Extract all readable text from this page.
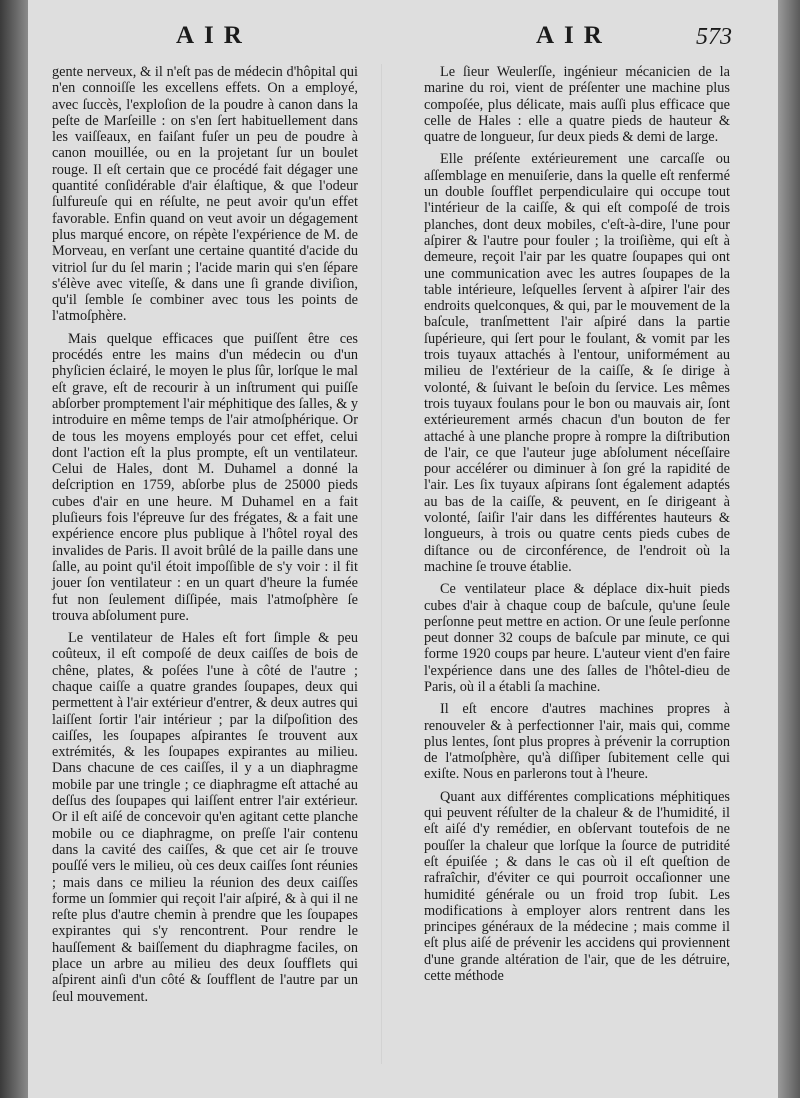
AIR	AIR	573

gente nerveux, & il n'eſt pas de médecin d'hôpital qui n'en connoiſſe les excellens effets. On a employé, avec ſuccès, l'exploſion de la poudre à canon dans la peſte de Marſeille : on s'en ſert habituellement dans les vaiſſeaux, en faiſant fuſer un peu de poudre à canon mouillée, ou en la projetant ſur un boulet rouge. Il eſt certain que ce procédé fait dégager une quantité conſidérable d'air élaſtique, & que l'odeur ſulfureuſe qui en réſulte, ne peut avoir qu'un effet favorable. Enfin quand on veut avoir un dégagement plus marqué encore, on répète l'expérience de M. de Morveau, en verſant une certaine quantité d'acide du vitriol ſur du ſel marin ; l'acide marin qui s'en ſépare s'élève avec viteſſe, & dans une ſi grande diviſion, qu'il ſemble ſe combiner avec tous les points de l'atmoſphère.

Mais quelque efficaces que puiſſent être ces procédés entre les mains d'un médecin ou d'un phyſicien éclairé, le moyen le plus ſûr, lorſque le mal eſt grave, eſt de recourir à un inſtrument qui puiſſe abſorber promptement l'air méphitique des ſalles, & y introduire en même temps de l'air atmoſphérique. Or de tous les moyens employés pour cet effet, celui dont l'action eſt la plus prompte, eſt un ventilateur. Celui de Hales, dont M. Duhamel a donné la deſcription en 1759, abſorbe plus de 25000 pieds cubes d'air en une heure. M Duhamel en a fait pluſieurs fois l'épreuve ſur des frégates, & a fait une expérience encore plus publique à l'hôtel royal des invalides de Paris. Il avoit brûlé de la paille dans une ſalle, au point qu'il étoit impoſſible de s'y voir : il fit jouer ſon ventilateur : en un quart d'heure la fumée fut non ſeulement diſſipée, mais l'atmoſphère ſe trouva abſolument pure.

Le ventilateur de Hales eſt fort ſimple & peu coûteux, il eſt compoſé de deux caiſſes de bois de chêne, plates, & poſées l'une à côté de l'autre ; chaque caiſſe a quatre grandes ſoupapes, deux qui permettent à l'air extérieur d'entrer, & deux autres qui laiſſent ſortir l'air intérieur ; par la diſpoſition des caiſſes, les ſoupapes aſpirantes ſe trouvent aux extrémités, & les ſoupapes expirantes au milieu. Dans chacune de ces caiſſes, il y a un diaphragme mobile par une tringle ; ce diaphragme eſt attaché au deſſus des ſoupapes qui laiſſent entrer l'air extérieur. Or il eſt aiſé de concevoir qu'en agitant cette planche mobile ou ce diaphragme, on preſſe l'air contenu dans la cavité des caiſſes, & que cet air ſe trouve pouſſé vers le milieu, où ces deux caiſſes ſont réunies ; mais dans ce milieu la réunion des deux caiſſes forme un ſommier qui reçoit l'air aſpiré, & à qui il ne reſte plus d'autre chemin à prendre que les ſoupapes expirantes qui s'y rencontrent. Pour rendre le hauſſement & baiſſement du diaphragme faciles, on place un arbre au milieu des deux ſoufflets qui aſpirent ainſi d'un côté & ſoufflent de l'autre par un ſeul mouvement.

Le ſieur Weulerſſe, ingénieur mécanicien de la marine du roi, vient de préſenter une machine plus compoſée, plus délicate, mais auſſi plus efficace que celle de Hales : elle a quatre pieds de hauteur & quatre de longueur, ſur deux pieds & demi de large.

Elle préſente extérieurement une carcaſſe ou aſſemblage en menuiſerie, dans la quelle eſt renfermé un double ſoufflet perpendiculaire qui occupe tout l'intérieur de la caiſſe, & qui eſt compoſé de trois planches, dont deux mobiles, c'eſt-à-dire, l'une pour aſpirer & l'autre pour fouler ; la troiſième, qui eſt à demeure, reçoit l'air par les quatre ſoupapes qui ont une communication avec les autres ſoupapes de la table intérieure, leſquelles ſervent à aſpirer l'air des endroits quelconques, & qui, par le mouvement de la baſcule, tranſmettent l'air aſpiré dans la partie ſupérieure, qui ſert pour le foulant, & vomit par les trois tuyaux attachés à l'entour, uniformément au milieu de l'extérieur de la caiſſe, & ſe dirige à volonté, & ſuivant le beſoin du ſervice. Les mêmes trois tuyaux foulans pour le bon ou mauvais air, ſont extérieurement armés chacun d'un bouton de fer attaché à une planche propre à rompre la diſtribution de l'air, ce que l'auteur juge abſolument néceſſaire pour accélérer ou diminuer à ſon gré la rapidité de l'air. Les ſix tuyaux aſpirans ſont également adaptés au bas de la caiſſe, & peuvent, en ſe dirigeant à volonté, ſaiſir l'air dans les différentes hauteurs & longueurs, à trois ou quatre cents pieds cubes de diſtance ou de circonférence, de l'endroit où la machine ſe trouve établie.

Ce ventilateur place & déplace dix-huit pieds cubes d'air à chaque coup de baſcule, qu'une ſeule perſonne peut mettre en action. Or une ſeule perſonne peut donner 32 coups de baſcule par minute, ce qui forme 1920 coups par heure. L'auteur vient d'en faire l'expérience dans une des ſalles de l'hôtel-dieu de Paris, où il a établi ſa machine.

Il eſt encore d'autres machines propres à renouveler & à perfectionner l'air, mais qui, comme plus lentes, ſont plus propres à prévenir la corruption de l'atmoſphère, qu'à diſſiper ſubitement celle qui exiſte. Nous en parlerons tout à l'heure.

Quant aux différentes complications méphitiques qui peuvent réſulter de la chaleur & de l'humidité, il eſt aiſé d'y remédier, en obſervant toutefois de ne pouſſer la chaleur que lorſque la ſource de putridité eſt épuiſée ; & dans le cas où il eſt queſtion de rafraîchir, d'éviter ce qui pourroit occaſionner une humidité générale ou un froid trop ſubit. Les modifications à employer alors rentrent dans les principes généraux de la médecine ; mais comme il eſt plus aiſé de prévenir les accidens qui proviennent d'une grande altération de l'air, que de les détruire, cette méthode
